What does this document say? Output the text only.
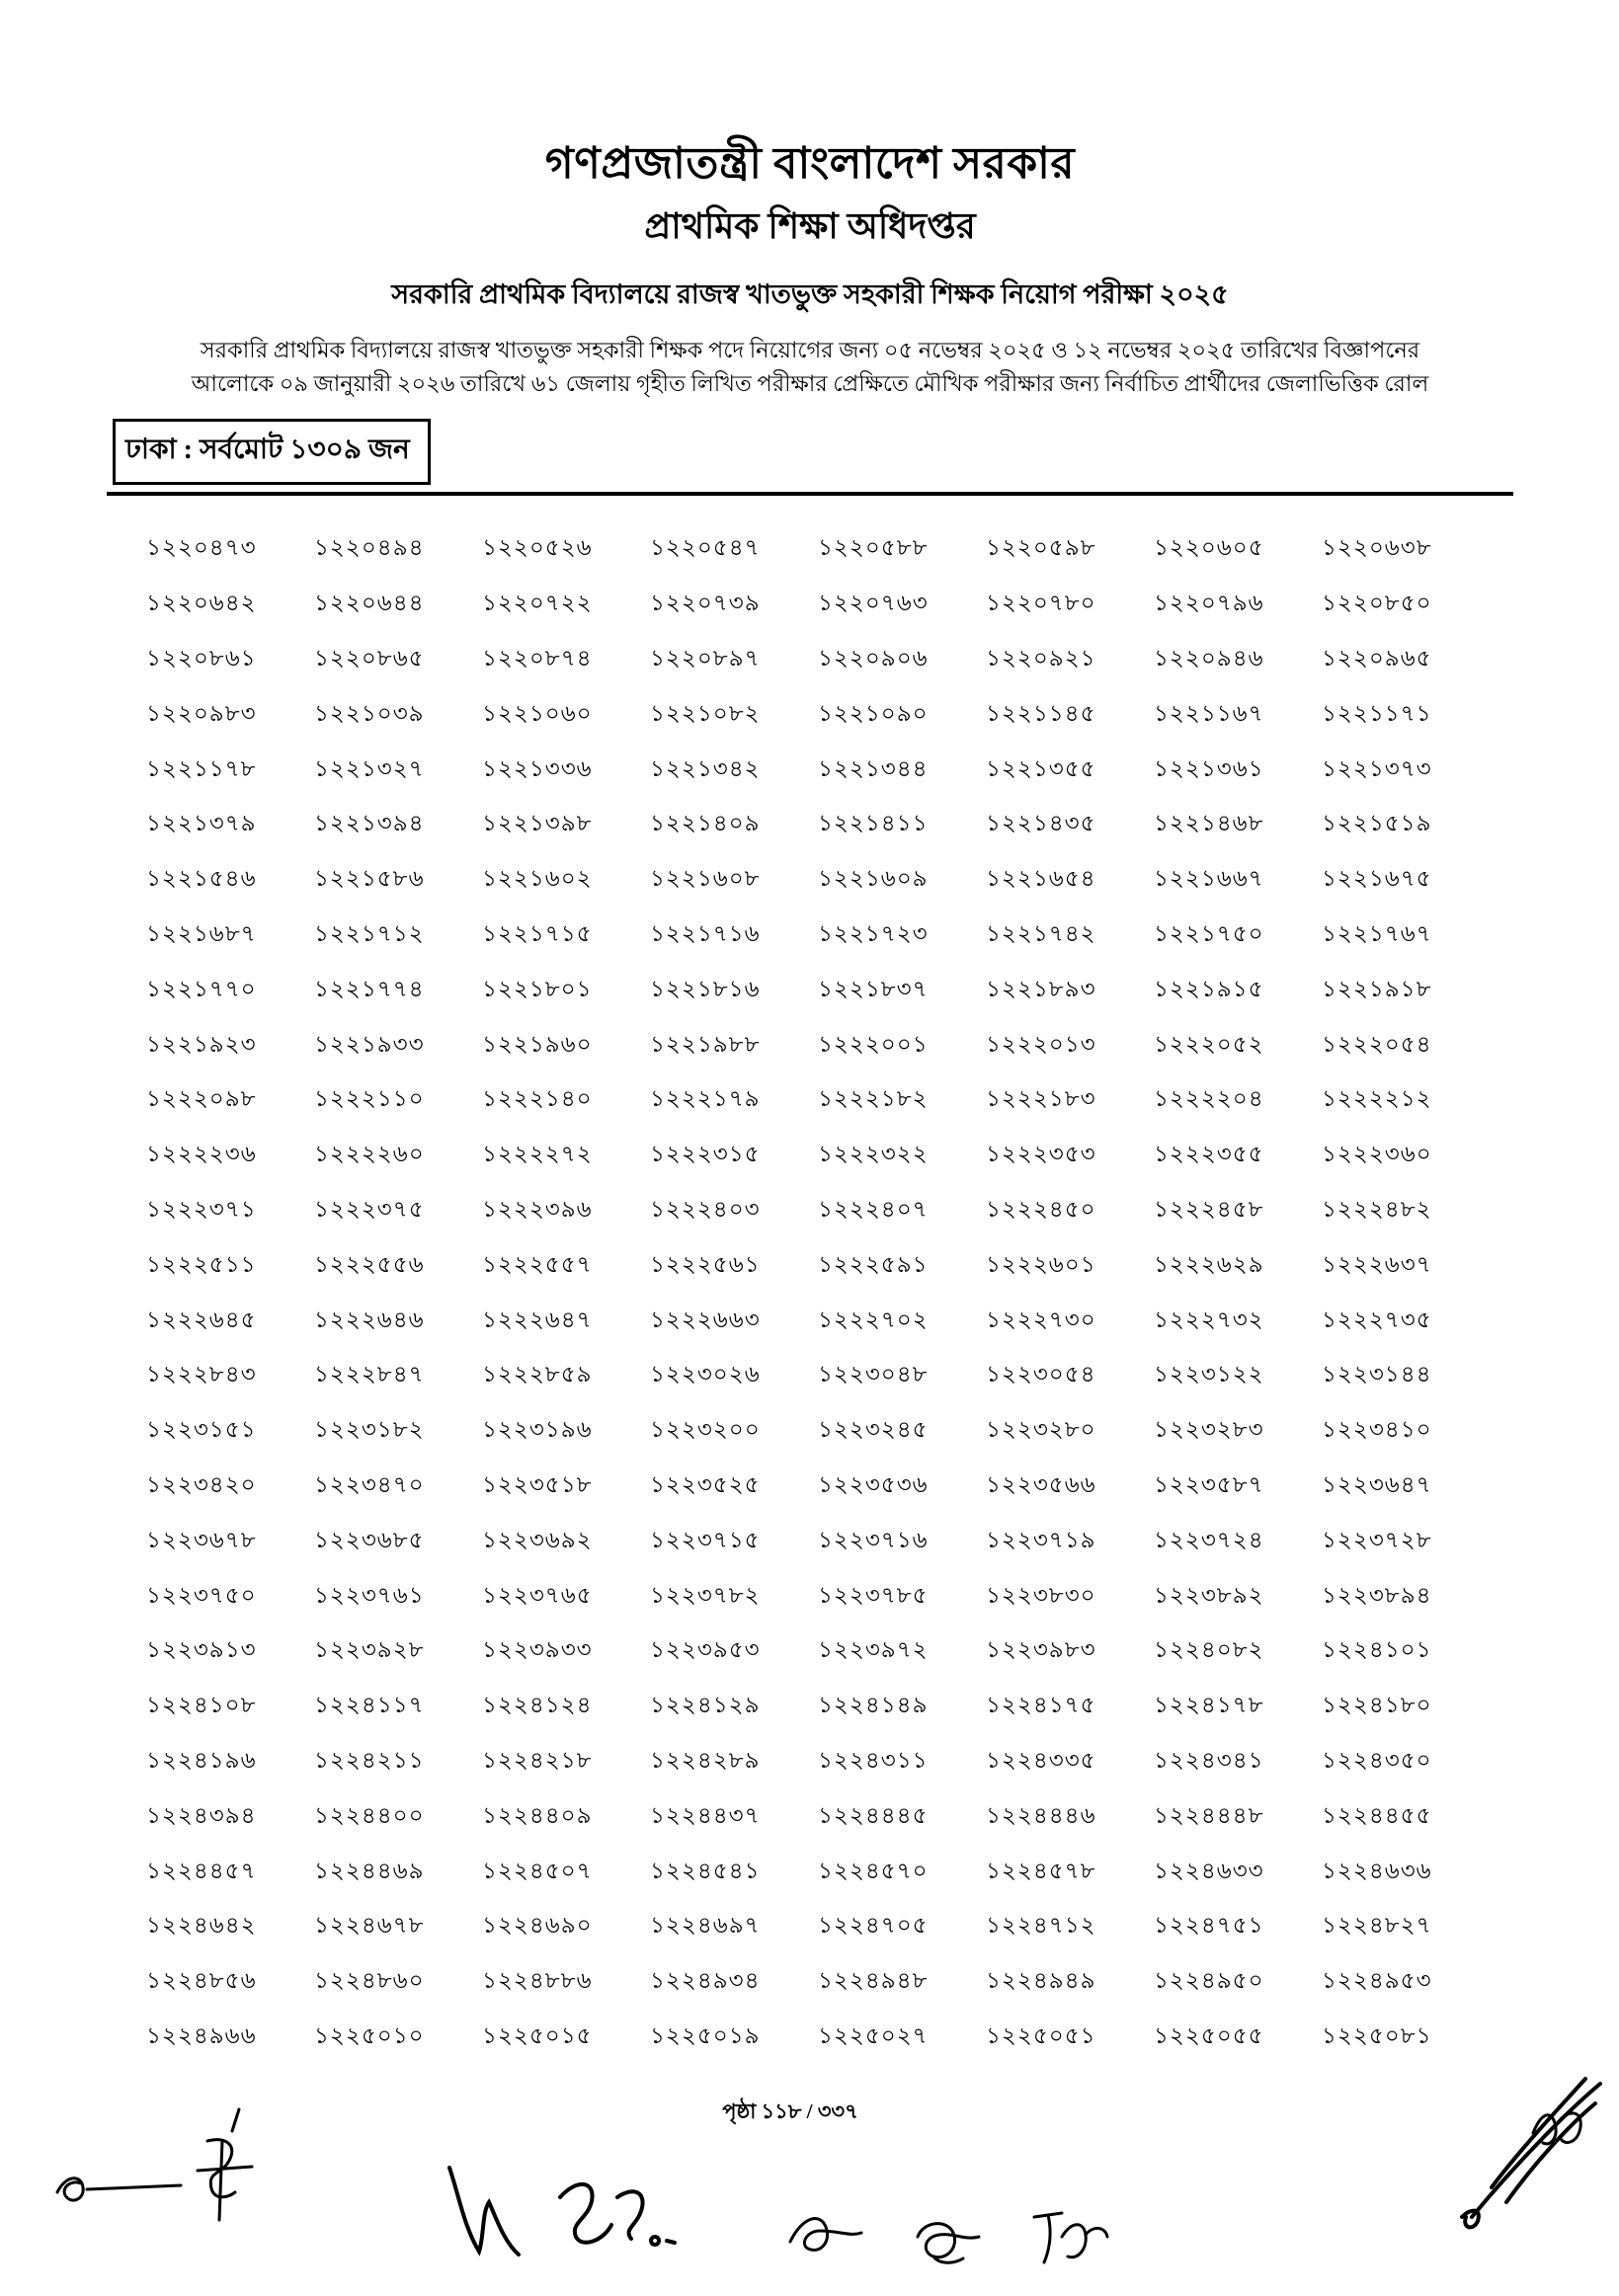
গণপ্রজাতন্ত্রী বাংলাদেশ সরকার
প্রাথমিক শিক্ষা অধিদপ্তর
সরকারি প্রাথমিক বিদ্যালয়ে রাজস্ব খাতভুক্ত সহকারী শিক্ষক নিয়োগ পরীক্ষা ২০২৫
সরকারি প্রাথমিক বিদ্যালয়ে রাজস্ব খাতভুক্ত সহকারী শিক্ষক পদে নিয়োগের জন্য ০৫ নভেম্বর ২০২৫ ও ১২ নভেম্বর ২০২৫ তারিখের বিজ্ঞাপনের
আলোকে ০৯ জানুয়ারী ২০২৬ তারিখে ৬১ জেলায় গৃহীত লিখিত পরীক্ষার প্রেক্ষিতে মৌখিক পরীক্ষার জন্য নির্বাচিত প্রার্থীদের জেলাভিত্তিক রোল
ঢাকা : সর্বমোট ১৩০৯ জন
১২২০৪৭৩	১২২০৪৯৪	১২২০৫২৬	১২২০৫৪৭	১২২০৫৮৮	১২২০৫৯৮	১২২০৬০৫	১২২০৬৩৮
১২২০৬৪২	১২২০৬৪৪	১২২০৭২২	১২২০৭৩৯	১২২০৭৬৩	১২২০৭৮০	১২২০৭৯৬	১২২০৮৫০
১২২০৮৬১	১২২০৮৬৫	১২২০৮৭৪	১২২০৮৯৭	১২২০৯০৬	১২২০৯২১	১২২০৯৪৬	১২২০৯৬৫
১২২০৯৮৩	১২২১০৩৯	১২২১০৬০	১২২১০৮২	১২২১০৯০	১২২১১৪৫	১২২১১৬৭	১২২১১৭১
১২২১১৭৮	১২২১৩২৭	১২২১৩৩৬	১২২১৩৪২	১২২১৩৪৪	১২২১৩৫৫	১২২১৩৬১	১২২১৩৭৩
১২২১৩৭৯	১২২১৩৯৪	১২২১৩৯৮	১২২১৪০৯	১২২১৪১১	১২২১৪৩৫	১২২১৪৬৮	১২২১৫১৯
১২২১৫৪৬	১২২১৫৮৬	১২২১৬০২	১২২১৬০৮	১২২১৬০৯	১২২১৬৫৪	১২২১৬৬৭	১২২১৬৭৫
১২২১৬৮৭	১২২১৭১২	১২২১৭১৫	১২২১৭১৬	১২২১৭২৩	১২২১৭৪২	১২২১৭৫০	১২২১৭৬৭
১২২১৭৭০	১২২১৭৭৪	১২২১৮০১	১২২১৮১৬	১২২১৮৩৭	১২২১৮৯৩	১২২১৯১৫	১২২১৯১৮
১২২১৯২৩	১২২১৯৩৩	১২২১৯৬০	১২২১৯৮৮	১২২২০০১	১২২২০১৩	১২২২০৫২	১২২২০৫৪
১২২২০৯৮	১২২২১১০	১২২২১৪০	১২২২১৭৯	১২২২১৮২	১২২২১৮৩	১২২২২০৪	১২২২২১২
১২২২২৩৬	১২২২২৬০	১২২২২৭২	১২২২৩১৫	১২২২৩২২	১২২২৩৫৩	১২২২৩৫৫	১২২২৩৬০
১২২২৩৭১	১২২২৩৭৫	১২২২৩৯৬	১২২২৪০৩	১২২২৪০৭	১২২২৪৫০	১২২২৪৫৮	১২২২৪৮২
১২২২৫১১	১২২২৫৫৬	১২২২৫৫৭	১২২২৫৬১	১২২২৫৯১	১২২২৬০১	১২২২৬২৯	১২২২৬৩৭
১২২২৬৪৫	১২২২৬৪৬	১২২২৬৪৭	১২২২৬৬৩	১২২২৭০২	১২২২৭৩০	১২২২৭৩২	১২২২৭৩৫
১২২২৮৪৩	১২২২৮৪৭	১২২২৮৫৯	১২২৩০২৬	১২২৩০৪৮	১২২৩০৫৪	১২২৩১২২	১২২৩১৪৪
১২২৩১৫১	১২২৩১৮২	১২২৩১৯৬	১২২৩২০০	১২২৩২৪৫	১২২৩২৮০	১২২৩২৮৩	১২২৩৪১০
১২২৩৪২০	১২২৩৪৭০	১২২৩৫১৮	১২২৩৫২৫	১২২৩৫৩৬	১২২৩৫৬৬	১২২৩৫৮৭	১২২৩৬৪৭
১২২৩৬৭৮	১২২৩৬৮৫	১২২৩৬৯২	১২২৩৭১৫	১২২৩৭১৬	১২২৩৭১৯	১২২৩৭২৪	১২২৩৭২৮
১২২৩৭৫০	১২২৩৭৬১	১২২৩৭৬৫	১২২৩৭৮২	১২২৩৭৮৫	১২২৩৮৩০	১২২৩৮৯২	১২২৩৮৯৪
১২২৩৯১৩	১২২৩৯২৮	১২২৩৯৩৩	১২২৩৯৫৩	১২২৩৯৭২	১২২৩৯৮৩	১২২৪০৮২	১২২৪১০১
১২২৪১০৮	১২২৪১১৭	১২২৪১২৪	১২২৪১২৯	১২২৪১৪৯	১২২৪১৭৫	১২২৪১৭৮	১২২৪১৮০
১২২৪১৯৬	১২২৪২১১	১২২৪২১৮	১২২৪২৮৯	১২২৪৩১১	১২২৪৩৩৫	১২২৪৩৪১	১২২৪৩৫০
১২২৪৩৯৪	১২২৪৪০০	১২২৪৪০৯	১২২৪৪৩৭	১২২৪৪৪৫	১২২৪৪৪৬	১২২৪৪৪৮	১২২৪৪৫৫
১২২৪৪৫৭	১২২৪৪৬৯	১২২৪৫০৭	১২২৪৫৪১	১২২৪৫৭০	১২২৪৫৭৮	১২২৪৬৩৩	১২২৪৬৩৬
১২২৪৬৪২	১২২৪৬৭৮	১২২৪৬৯০	১২২৪৬৯৭	১২২৪৭০৫	১২২৪৭১২	১২২৪৭৫১	১২২৪৮২৭
১২২৪৮৫৬	১২২৪৮৬০	১২২৪৮৮৬	১২২৪৯৩৪	১২২৪৯৪৮	১২২৪৯৪৯	১২২৪৯৫০	১২২৪৯৫৩
১২২৪৯৬৬	১২২৫০১০	১২২৫০১৫	১২২৫০১৯	১২২৫০২৭	১২২৫০৫১	১২২৫০৫৫	১২২৫০৮১
পৃষ্ঠা ১১৮ / ৩৩৭
